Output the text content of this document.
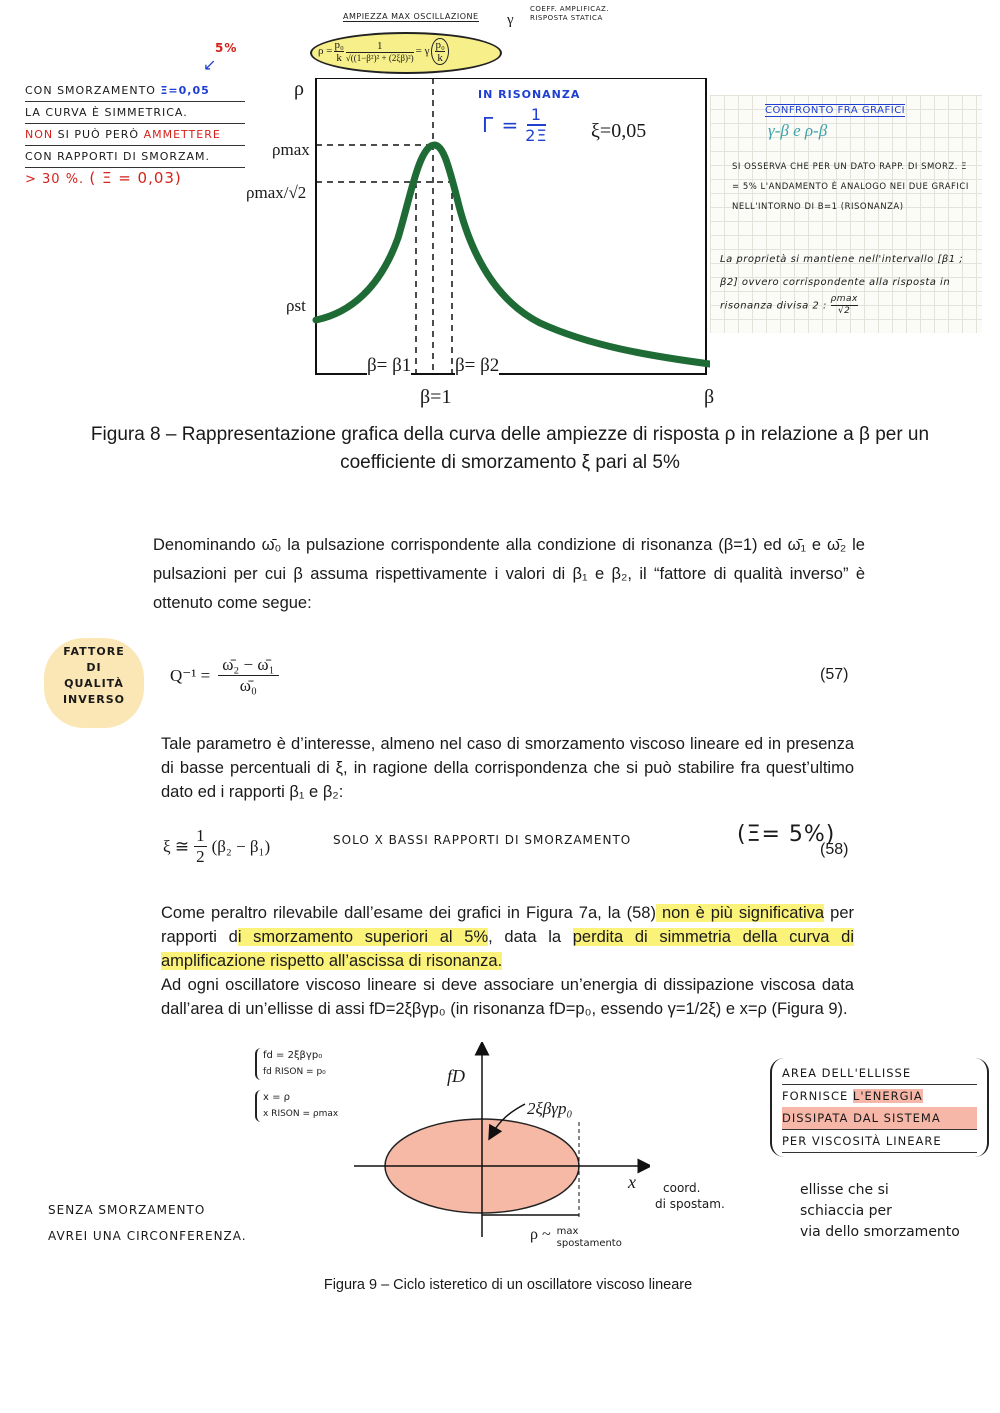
AMPIEZZA MAX OSCILLAZIONE γ
COEFF. AMPLIFICAZ.
RISPOSTA STATICA
$\rho = \frac{\text{p₀}}{k}$	1
√((1−β²)² + (2ξβ)²)
= γ
p₀
k
5%
↙
CON SMORZAMENTO Ξ=0,05
LA CURVA È SIMMETRICA.
NON SI PUÒ PERÒ AMMETTERE
CON RAPPORTI DI SMORZAM.
> 30 %. ( Ξ = 0,03)
ρ
ρmax
ρmax/√2
ρst
IN RISONANZA
$\Gamma = \frac{1}{2\Xi} \xi=0,05$
β= β1 β= β2
β=1	β
CONFRONTO FRA GRAFICI
γ-β e ρ-β
SI OSSERVA CHE PER UN DATO RAPP. DI SMORZ. Ξ = 5% L'ANDAMENTO È ANALOGO NEI DUE GRAFICI NELL'INTORNO DI Β=1 (RISONANZA)
La proprietà si mantiene nell'intervallo [β1 ; β2] ovvero corrispondente alla risposta in risonanza divisa 2 :
ρmax
√2
Figura 8 – Rappresentazione grafica della curva delle ampiezze di risposta ρ in relazione a β per un coefficiente di smorzamento ξ pari al 5%
Denominando ω̄₀ la pulsazione corrispondente alla condizione di risonanza (β=1) ed ω̄₁ e ω̄₂ le pulsazioni per cui β assuma rispettivamente i valori di β₁ e β₂, il “fattore di qualità inverso” è ottenuto come segue:
FATTORE
DI
QUALITÀ
INVERSO
$Q^{-1} = \frac{\text{ω̄₂ − ω̄₁}}{\text{ω̄₀}}$	(57)
Tale parametro è d’interesse, almeno nel caso di smorzamento viscoso lineare ed in presenza di basse percentuali di ξ, in ragione della corrispondenza che si può stabilire fra quest’ultimo dato ed i rapporti β₁ e β₂:
ξ ≅ $\frac{1}{2} (\beta_2 - \beta_1)$	SOLO X BASSI RAPPORTI DI SMORZAMENTO	(Ξ= 5%)
(58)
Come peraltro rilevabile dall’esame dei grafici in Figura 7a, la (58) non è più significativa per rapporti di smorzamento superiori al 5%, data la perdita di simmetria della curva di amplificazione rispetto all’ascissa di risonanza.
Ad ogni oscillatore viscoso lineare si deve associare un’energia di dissipazione viscosa data dall’area di un’ellisse di assi fD=2ξβγp₀ (in risonanza fD=p₀, essendo γ=1/2ξ) e x=ρ (Figura 9).
fd = 2ξβγp₀
fd RISON = p₀
x = ρ
x RISON = ρmax
fD
2ξβγp₀
x	coord.
di spostam.
ρ ~ max
spostamento
SENZA SMORZAMENTO
AVREI UNA CIRCONFERENZA.
AREA DELL'ELLISSE
FORNISCE L'ENERGIA
DISSIPATA DAL SISTEMA
PER VISCOSITÀ LINEARE
ellisse che si
schiaccia per
via dello smorzamento
Figura 9 – Ciclo isteretico di un oscillatore viscoso lineare
